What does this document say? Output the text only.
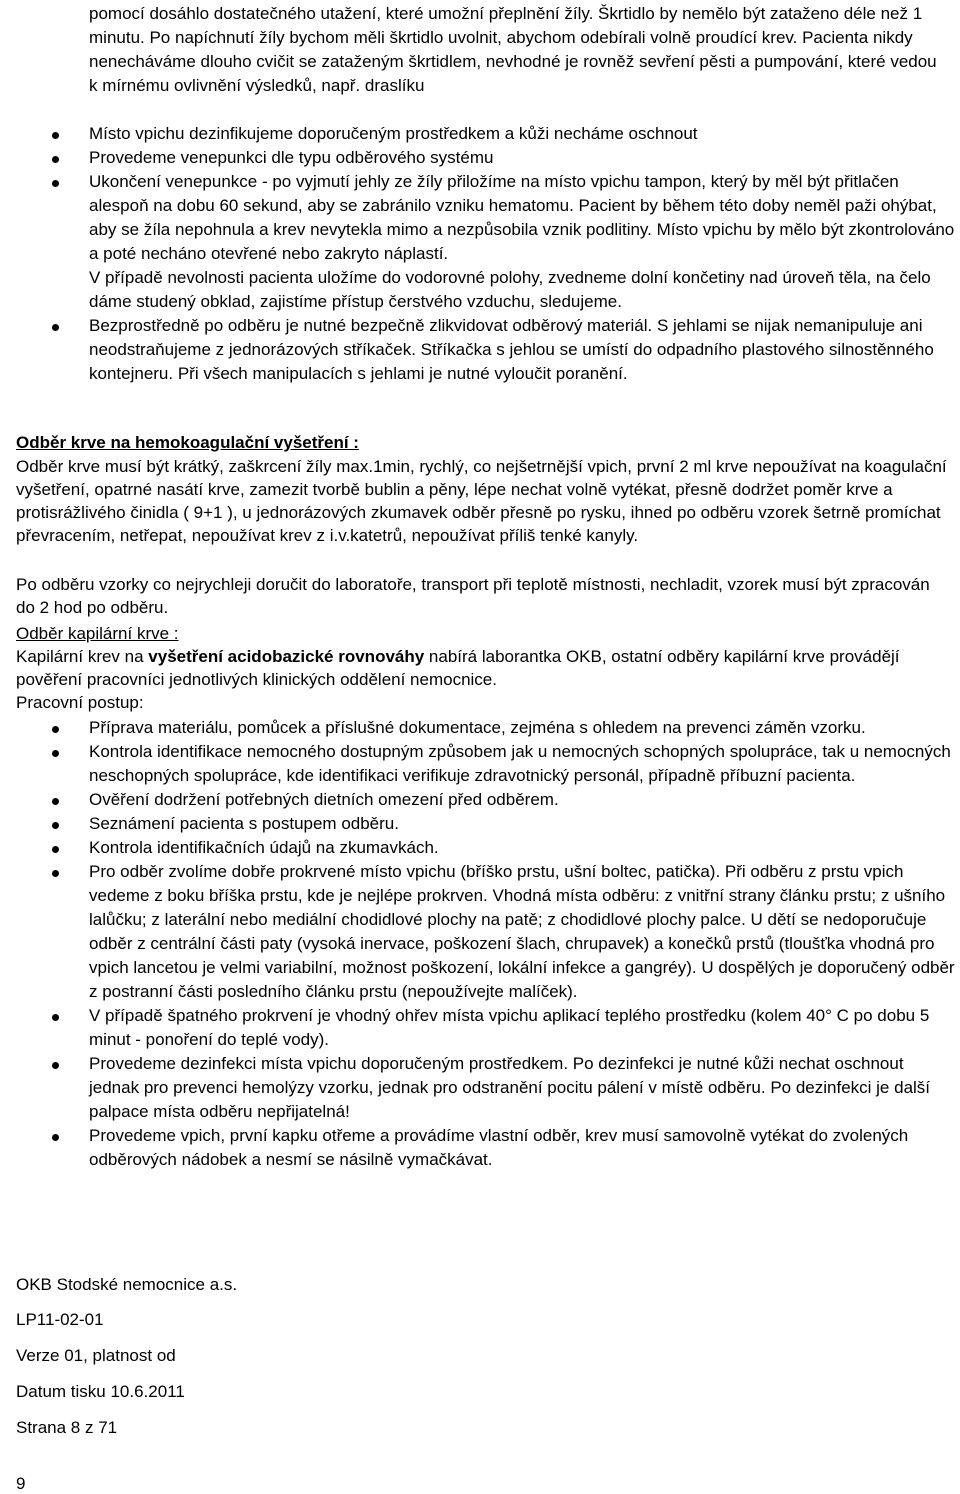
pomocí dosáhlo dostatečného utažení, které umožní přeplnění žíly. Škrtidlo by nemělo být zataženo déle než 1 minutu. Po napíchnutí žíly bychom měli škrtidlo uvolnit, abychom odebírali volně proudící krev. Pacienta nikdy nenecháváme dlouho cvičit se zataženým škrtidlem, nevhodné je rovněž sevření pěsti a pumpování, které vedou k mírnému ovlivnění výsledků, např. draslíku
Místo vpichu dezinfikujeme doporučeným prostředkem a kůži necháme oschnout
Provedeme venepunkci dle typu odběrového systému
Ukončení venepunkce - po vyjmutí jehly ze žíly přiložíme na místo vpichu tampon, který by měl být přitlačen alespoň na dobu 60 sekund, aby se zabránilo vzniku hematomu. Pacient by během této doby neměl paži ohýbat, aby se žíla nepohnula a krev nevytekla mimo a nezpůsobila vznik podlitiny. Místo vpichu by mělo být zkontrolováno a poté necháno otevřené nebo zakryto náplastí.
V případě nevolnosti pacienta uložíme do vodorovné polohy, zvedneme dolní končetiny nad úroveň těla, na čelo dáme studený obklad, zajistíme přístup čerstvého vzduchu, sledujeme.
Bezprostředně po odběru je nutné bezpečně zlikvidovat odběrový materiál. S jehlami se nijak nemanipuluje ani neodstraňujeme z jednorázových stříkaček. Stříkačka s jehlou se umístí do odpadního plastového silnostěnného kontejneru. Při všech manipulacích s jehlami je nutné vyloučit poranění.
Odběr krve na hemokoagulační vyšetření :
Odběr krve musí být krátký, zaškrcení žíly max.1min, rychlý, co nejšetrnější vpich, první 2 ml krve nepoužívat na koagulační vyšetření, opatrné nasátí krve, zamezit tvorbě bublin a pěny, lépe nechat volně vytékat, přesně dodržet poměr krve a protisrážlivého činidla ( 9+1 ), u jednorázových zkumavek odběr přesně po rysku, ihned po odběru vzorek šetrně promíchat převracením, netřepat, nepoužívat krev z i.v.katetrů, nepoužívat příliš tenké kanyly.
Po odběru vzorky co nejrychleji doručit do laboratoře, transport při teplotě místnosti, nechladit, vzorek musí být zpracován do 2 hod po odběru.
Odběr kapilární krve :
Kapilární krev na vyšetření acidobazické rovnováhy nabírá laborantka OKB, ostatní odběry kapilární krve provádějí pověření pracovníci jednotlivých klinických oddělení nemocnice.
Pracovní postup:
Příprava materiálu, pomůcek a příslušné dokumentace, zejména s ohledem na prevenci záměn vzorku.
Kontrola identifikace nemocného dostupným způsobem jak u nemocných schopných spolupráce, tak u nemocných neschopných spolupráce, kde identifikaci verifikuje zdravotnický personál, případně příbuzní pacienta.
Ověření dodržení potřebných dietních omezení před odběrem.
Seznámení pacienta s postupem odběru.
Kontrola identifikačních údajů na zkumavkách.
Pro odběr zvolíme dobře prokrvené místo vpichu (bříško prstu, ušní boltec, patička). Při odběru z prstu vpich vedeme z boku bříška prstu, kde je nejlépe prokrven. Vhodná místa odběru: z vnitřní strany článku prstu; z ušního lalůčku; z laterální nebo mediální chodidlové plochy na patě; z chodidlové plochy palce. U dětí se nedoporučuje odběr z centrální části paty (vysoká inervace, poškození šlach, chrupavek) a konečků prstů (tloušťka vhodná pro vpich lancetou je velmi variabilní, možnost poškození, lokální infekce a gangréy). U dospělých je doporučený odběr z postranní části posledního článku prstu (nepoužívejte malíček).
V případě špatného prokrvení je vhodný ohřev místa vpichu aplikací teplého prostředku (kolem 40° C po dobu 5 minut - ponoření do teplé vody).
Provedeme dezinfekci místa vpichu doporučeným prostředkem. Po dezinfekci je nutné kůži nechat oschnout jednak pro prevenci hemolýzy vzorku, jednak pro odstranění pocitu pálení v místě odběru. Po dezinfekci je další palpace místa odběru nepřijatelná!
Provedeme vpich, první kapku otřeme a provádíme vlastní odběr, krev musí samovolně vytékat do zvolených odběrových nádobek a nesmí se násilně vymačkávat.
OKB Stodské nemocnice a.s.
LP11-02-01
Verze 01, platnost od
Datum tisku 10.6.2011
Strana 8 z 71
9
